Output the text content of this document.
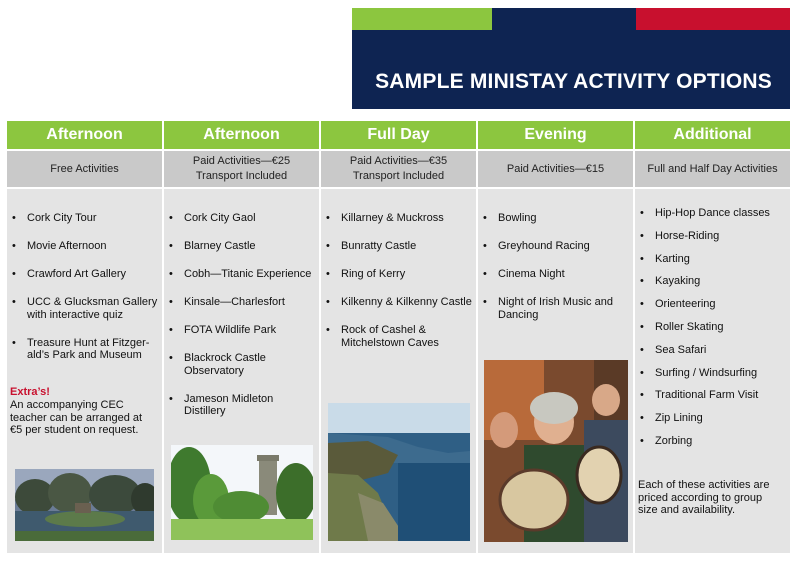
SAMPLE MINISTAY ACTIVITY OPTIONS
Afternoon
Free Activities
• Cork City Tour
• Movie Afternoon
• Crawford Art Gallery
• UCC & Glucksman Gallery with interactive quiz
• Treasure Hunt at Fitzger-ald’s Park and Museum
Extra’s!
An accompanying CEC teacher can be arranged at €5 per student on request.
Afternoon
Paid Activities—€25
Transport Included
• Cork City Gaol
• Blarney Castle
• Cobh—Titanic Experience
• Kinsale—Charlesfort
• FOTA Wildlife Park
• Blackrock Castle Observatory
• Jameson Midleton Distillery
Full Day
Paid Activities—€35
Transport Included
• Killarney & Muckross
• Bunratty Castle
• Ring of Kerry
• Kilkenny & Kilkenny Castle
• Rock of Cashel & Mitchelstown Caves
Evening
Paid Activities—€15
• Bowling
• Greyhound Racing
• Cinema Night
• Night of Irish Music and Dancing
Additional
Full and Half Day Activities
• Hip-Hop Dance classes
• Horse-Riding
• Karting
• Kayaking
• Orienteering
• Roller Skating
• Sea Safari
• Surfing / Windsurfing
• Traditional Farm Visit
• Zip Lining
• Zorbing
Each of these activities are priced according to group size and availability.
